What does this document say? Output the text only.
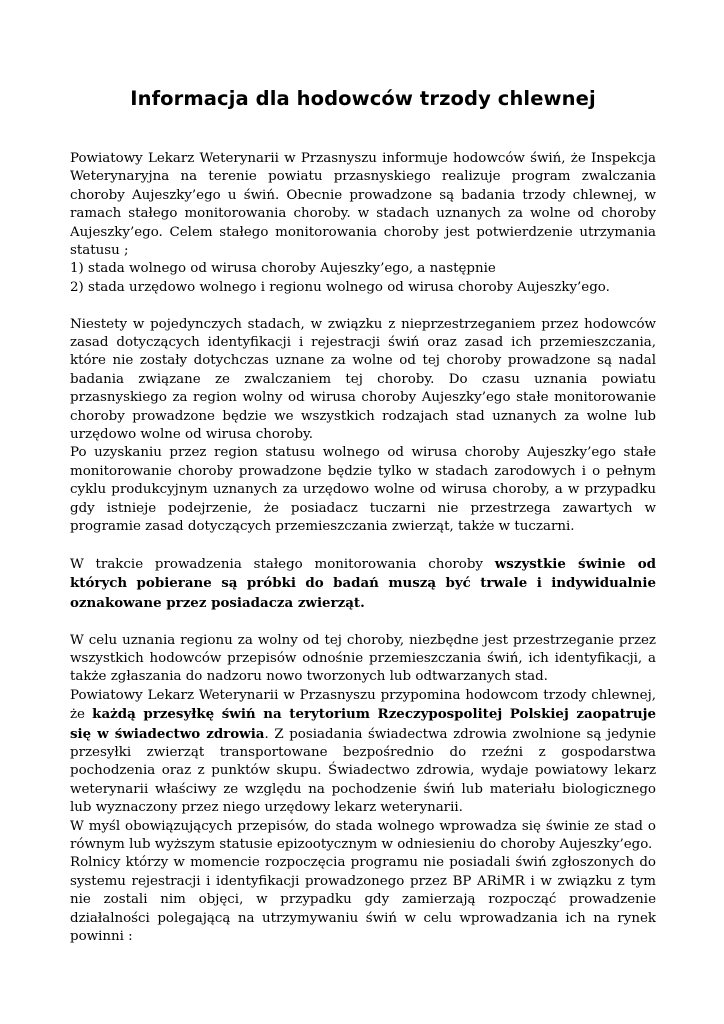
Informacja dla hodowców trzody chlewnej

Powiatowy Lekarz Weterynarii w Przasnyszu informuje hodowców świń, że Inspekcja Weterynaryjna na terenie powiatu przasnyskiego realizuje program zwalczania choroby Aujeszky’ego u świń. Obecnie prowadzone są badania trzody chlewnej, w ramach stałego monitorowania choroby. w stadach uznanych za wolne od choroby Aujeszky’ego. Celem stałego monitorowania choroby jest potwierdzenie utrzymania statusu ;

1) stada wolnego od wirusa choroby Aujeszky’ego, a następnie

2) stada urzędowo wolnego i regionu wolnego od wirusa choroby Aujeszky’ego.

Niestety w pojedynczych stadach, w związku z nieprzestrzeganiem przez hodowców zasad dotyczących identyfikacji i rejestracji świń oraz zasad ich przemieszczania, które nie zostały dotychczas uznane za wolne od tej choroby prowadzone są nadal badania związane ze zwalczaniem tej choroby. Do czasu uznania powiatu przasnyskiego za region wolny od wirusa choroby Aujeszky’ego stałe monitorowanie choroby prowadzone będzie we wszystkich rodzajach stad uznanych za wolne lub urzędowo wolne od wirusa choroby.

Po uzyskaniu przez region statusu wolnego od wirusa choroby Aujeszky’ego stałe monitorowanie choroby prowadzone będzie tylko w stadach zarodowych i o pełnym cyklu produkcyjnym uznanych za urzędowo wolne od wirusa choroby, a w przypadku gdy istnieje podejrzenie, że posiadacz tuczarni nie przestrzega zawartych w programie zasad dotyczących przemieszczania zwierząt, także w tuczarni.

W trakcie prowadzenia stałego monitorowania choroby wszystkie świnie od których pobierane są próbki do badań muszą być trwale i indywidualnie oznakowane przez posiadacza zwierząt.

W celu uznania regionu za wolny od tej choroby, niezbędne jest przestrzeganie przez wszystkich hodowców przepisów odnośnie przemieszczania świń, ich identyfikacji, a także zgłaszania do nadzoru nowo tworzonych lub odtwarzanych stad.

Powiatowy Lekarz Weterynarii w Przasnyszu przypomina hodowcom trzody chlewnej, że każdą przesyłkę świń na terytorium Rzeczypospolitej Polskiej zaopatruje się w świadectwo zdrowia. Z posiadania świadectwa zdrowia zwolnione są jedynie przesyłki zwierząt transportowane bezpośrednio do rzeźni z gospodarstwa pochodzenia oraz z punktów skupu. Świadectwo zdrowia, wydaje powiatowy lekarz weterynarii właściwy ze względu na pochodzenie świń lub materiału biologicznego lub wyznaczony przez niego urzędowy lekarz weterynarii.

W myśl obowiązujących przepisów, do stada wolnego wprowadza się świnie ze stad o równym lub wyższym statusie epizootycznym w odniesieniu do choroby Aujeszky’ego.

Rolnicy którzy w momencie rozpoczęcia programu nie posiadali świń zgłoszonych do systemu rejestracji i identyfikacji prowadzonego przez BP ARiMR i w związku z tym nie zostali nim objęci, w przypadku gdy zamierzają rozpocząć prowadzenie działalności polegającą na utrzymywaniu świń w celu wprowadzania ich na rynek powinni :
